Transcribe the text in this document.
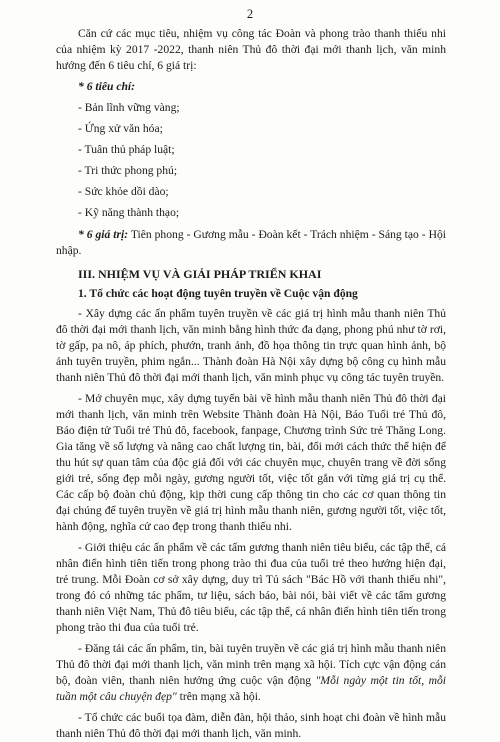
2

Căn cứ các mục tiêu, nhiệm vụ công tác Đoàn và phong trào thanh thiếu nhi của nhiệm kỳ 2017 -2022, thanh niên Thủ đô thời đại mới thanh lịch, văn minh hướng đến 6 tiêu chí, 6 giá trị:

* 6 tiêu chí:

- Bản lĩnh vững vàng;

- Ứng xử văn hóa;

- Tuân thủ pháp luật;

- Tri thức phong phú;

- Sức khỏe dồi dào;

- Kỹ năng thành thạo;

* 6 giá trị: Tiên phong - Gương mẫu - Đoàn kết - Trách nhiệm - Sáng tạo - Hội nhập.

III. NHIỆM VỤ VÀ GIẢI PHÁP TRIỂN KHAI

1. Tổ chức các hoạt động tuyên truyền về Cuộc vận động

- Xây dựng các ấn phẩm tuyên truyền về các giá trị hình mẫu thanh niên Thủ đô thời đại mới thanh lịch, văn minh bằng hình thức đa dạng, phong phú như tờ rơi, tờ gấp, pa nô, áp phích, phướn, tranh ảnh, đồ họa thông tin trực quan hình ảnh, bộ ảnh tuyên truyền, phim ngắn... Thành đoàn Hà Nội xây dựng bộ công cụ hình mẫu thanh niên Thủ đô thời đại mới thanh lịch, văn minh phục vụ công tác tuyên truyền.

- Mở chuyên mục, xây dựng tuyến bài về hình mẫu thanh niên Thủ đô thời đại mới thanh lịch, văn minh trên Website Thành đoàn Hà Nội, Báo Tuổi trẻ Thủ đô, Báo điện tử Tuổi trẻ Thủ đô, facebook, fanpage, Chương trình Sức trẻ Thăng Long. Gia tăng về số lượng và nâng cao chất lượng tin, bài, đổi mới cách thức thể hiện để thu hút sự quan tâm của độc giả đối với các chuyên mục, chuyên trang về đời sống giới trẻ, sống đẹp mỗi ngày, gương người tốt, việc tốt gắn với từng giá trị cụ thể. Các cấp bộ đoàn chủ động, kịp thời cung cấp thông tin cho các cơ quan thông tin đại chúng để tuyên truyền về giá trị hình mẫu thanh niên, gương người tốt, việc tốt, hành động, nghĩa cử cao đẹp trong thanh thiếu nhi.

- Giới thiệu các ấn phẩm về các tấm gương thanh niên tiêu biểu, các tập thể, cá nhân điển hình tiên tiến trong phong trào thi đua của tuổi trẻ theo hướng hiện đại, trẻ trung. Mỗi Đoàn cơ sở xây dựng, duy trì Tủ sách "Bác Hồ với thanh thiếu nhi", trong đó có những tác phẩm, tư liệu, sách báo, bài nói, bài viết về các tấm gương thanh niên Việt Nam, Thủ đô tiêu biểu, các tập thể, cá nhân điển hình tiên tiến trong phong trào thi đua của tuổi trẻ.

- Đăng tải các ấn phẩm, tin, bài tuyên truyền về các giá trị hình mẫu thanh niên Thủ đô thời đại mới thanh lịch, văn minh trên mạng xã hội. Tích cực vận động cán bộ, đoàn viên, thanh niên hưởng ứng cuộc vận động "Mỗi ngày một tin tốt, mỗi tuần một câu chuyện đẹp" trên mạng xã hội.

- Tổ chức các buổi tọa đàm, diễn đàn, hội thảo, sinh hoạt chi đoàn về hình mẫu thanh niên Thủ đô thời đại mới thanh lịch, văn minh.
